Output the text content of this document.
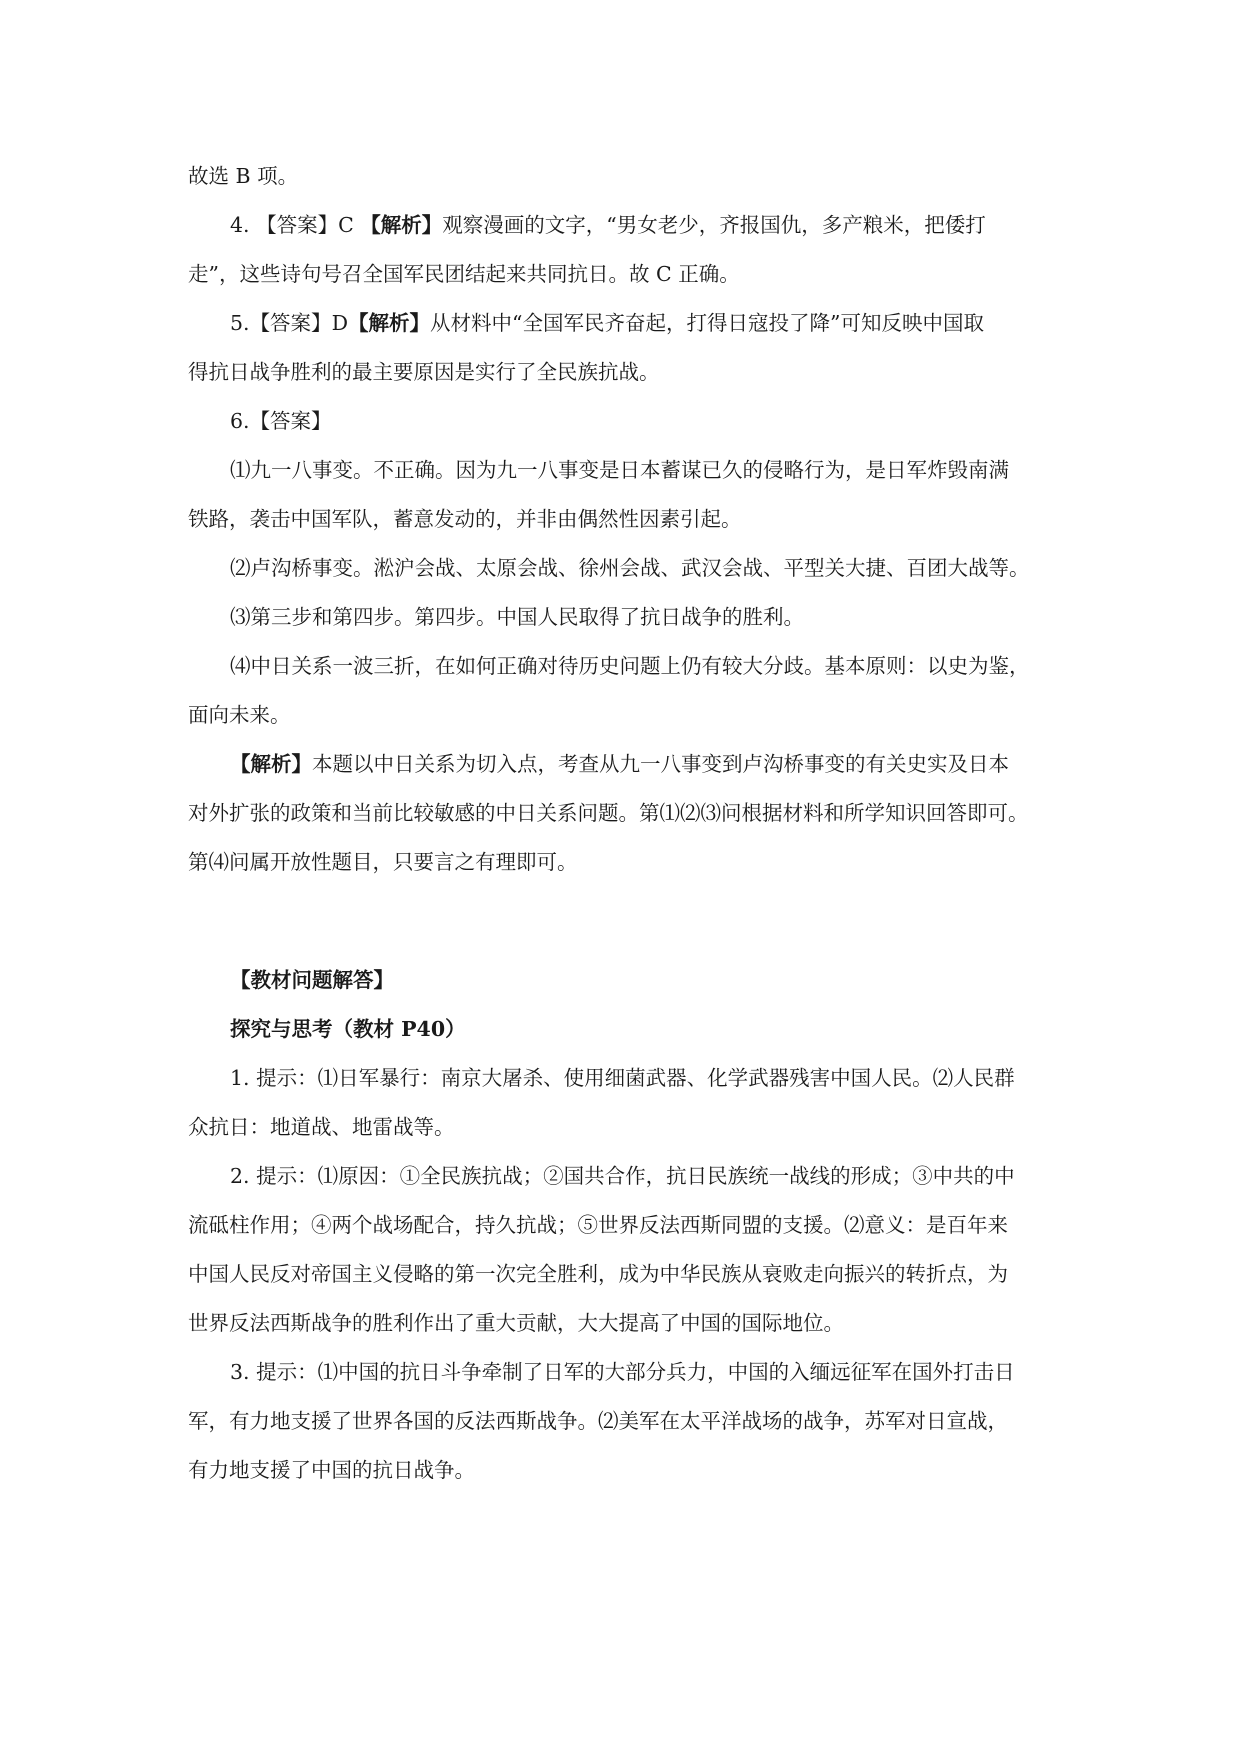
故选 B 项。

4. 【答案】C 【解析】观察漫画的文字，“男女老少，齐报国仇，多产粮米，把倭打

走”，这些诗句号召全国军民团结起来共同抗日。故 C 正确。

5.【答案】D【解析】从材料中“全国军民齐奋起，打得日寇投了降”可知反映中国取

得抗日战争胜利的最主要原因是实行了全民族抗战。

6.【答案】

⑴九一八事变。不正确。因为九一八事变是日本蓄谋已久的侵略行为，是日军炸毁南满

铁路，袭击中国军队，蓄意发动的，并非由偶然性因素引起。

⑵卢沟桥事变。淞沪会战、太原会战、徐州会战、武汉会战、平型关大捷、百团大战等。

⑶第三步和第四步。第四步。中国人民取得了抗日战争的胜利。

⑷中日关系一波三折，在如何正确对待历史问题上仍有较大分歧。基本原则：以史为鉴，

面向未来。

【解析】本题以中日关系为切入点，考查从九一八事变到卢沟桥事变的有关史实及日本

对外扩张的政策和当前比较敏感的中日关系问题。第⑴⑵⑶问根据材料和所学知识回答即可。

第⑷问属开放性题目，只要言之有理即可。

【教材问题解答】

探究与思考（教材 P40）

1. 提示：⑴日军暴行：南京大屠杀、使用细菌武器、化学武器残害中国人民。⑵人民群

众抗日：地道战、地雷战等。

2. 提示：⑴原因：①全民族抗战；②国共合作，抗日民族统一战线的形成；③中共的中

流砥柱作用；④两个战场配合，持久抗战；⑤世界反法西斯同盟的支援。⑵意义：是百年来

中国人民反对帝国主义侵略的第一次完全胜利，成为中华民族从衰败走向振兴的转折点，为

世界反法西斯战争的胜利作出了重大贡献，大大提高了中国的国际地位。

3. 提示：⑴中国的抗日斗争牵制了日军的大部分兵力，中国的入缅远征军在国外打击日

军，有力地支援了世界各国的反法西斯战争。⑵美军在太平洋战场的战争，苏军对日宣战，

有力地支援了中国的抗日战争。
